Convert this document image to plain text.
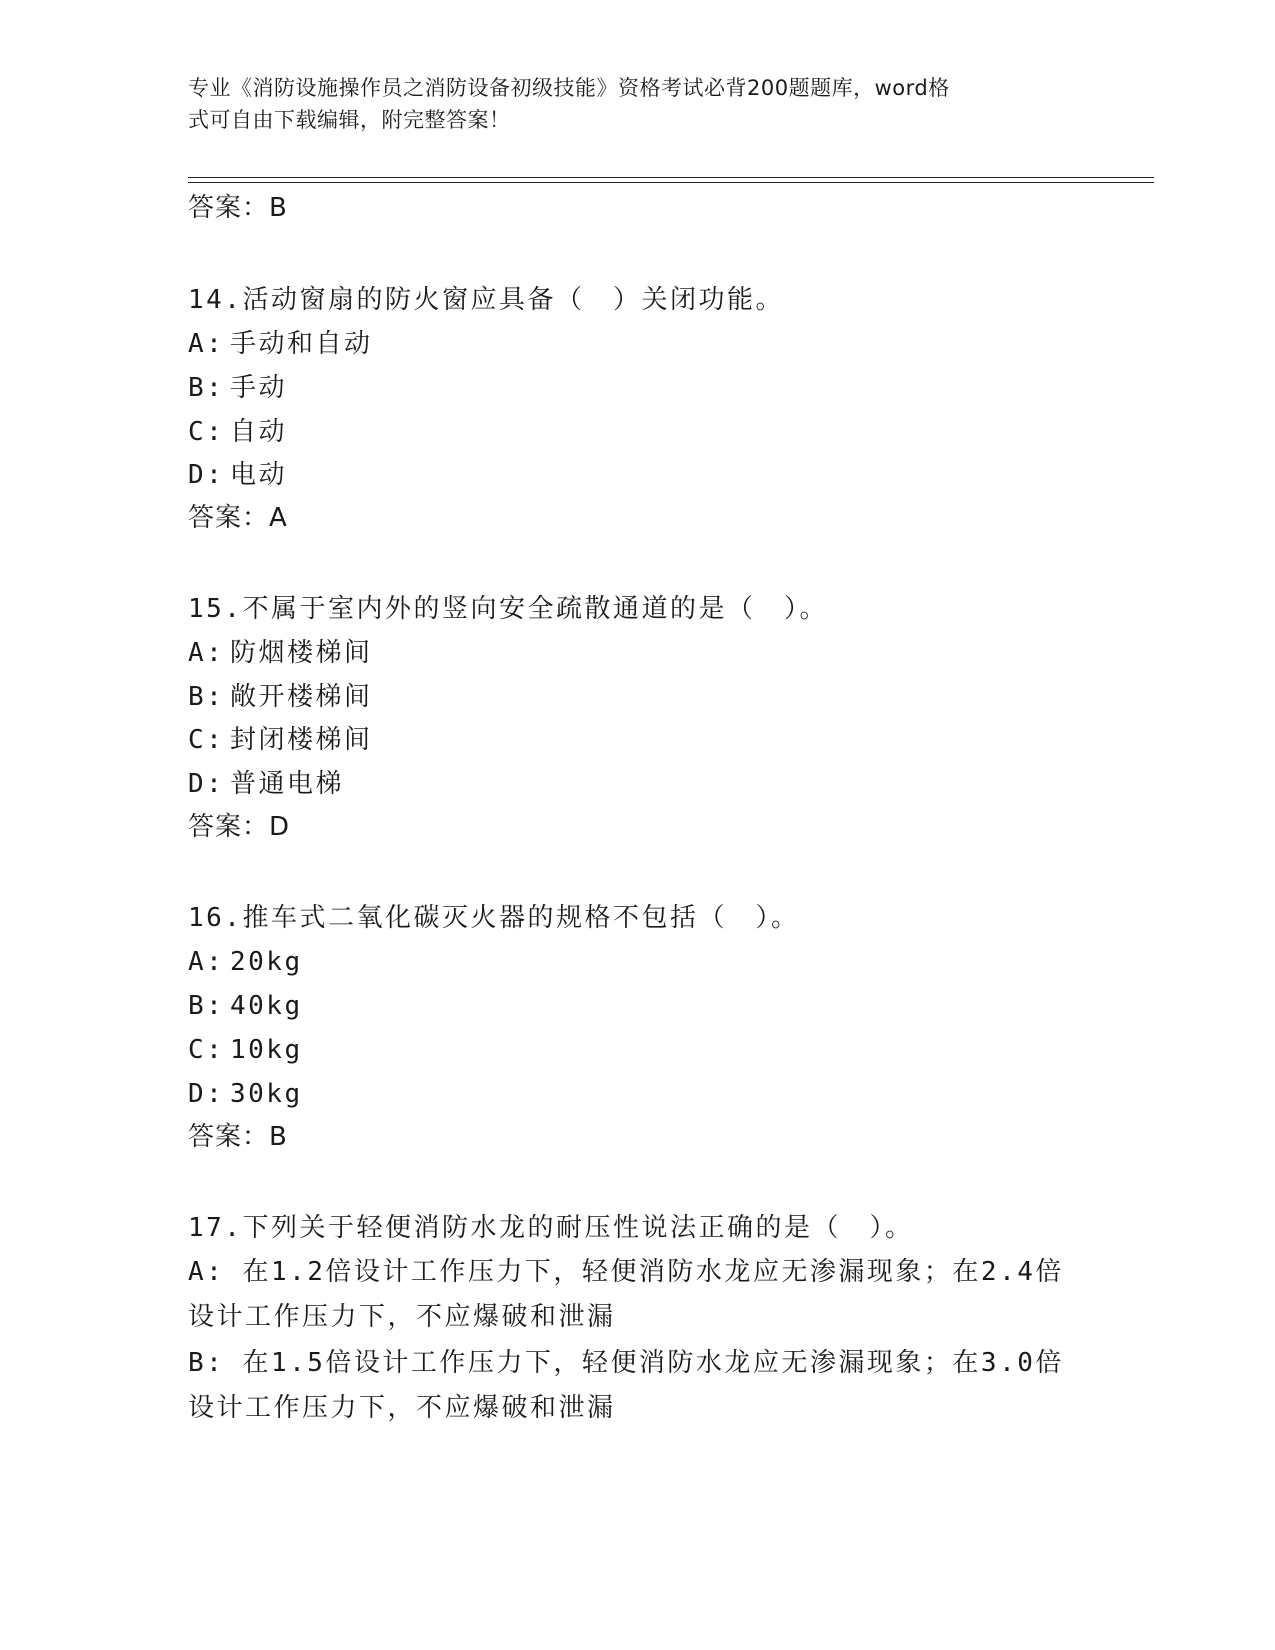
专业《消防设施操作员之消防设备初级技能》资格考试必背200题题库，word格
式可自由下载编辑，附完整答案！
答案：B
14.活动窗扇的防火窗应具备（　）关闭功能。
A: 手动和自动
B: 手动
C: 自动
D: 电动
答案：A
15.不属于室内外的竖向安全疏散通道的是（　）。
A: 防烟楼梯间
B: 敞开楼梯间
C: 封闭楼梯间
D: 普通电梯
答案：D
16.推车式二氧化碳灭火器的规格不包括（　）。
A: 20kg
B: 40kg
C: 10kg
D: 30kg
答案：B
17.下列关于轻便消防水龙的耐压性说法正确的是（　）。
A: 在1.2倍设计工作压力下，轻便消防水龙应无渗漏现象；在2.4倍
设计工作压力下，不应爆破和泄漏
B: 在1.5倍设计工作压力下，轻便消防水龙应无渗漏现象；在3.0倍
设计工作压力下，不应爆破和泄漏
